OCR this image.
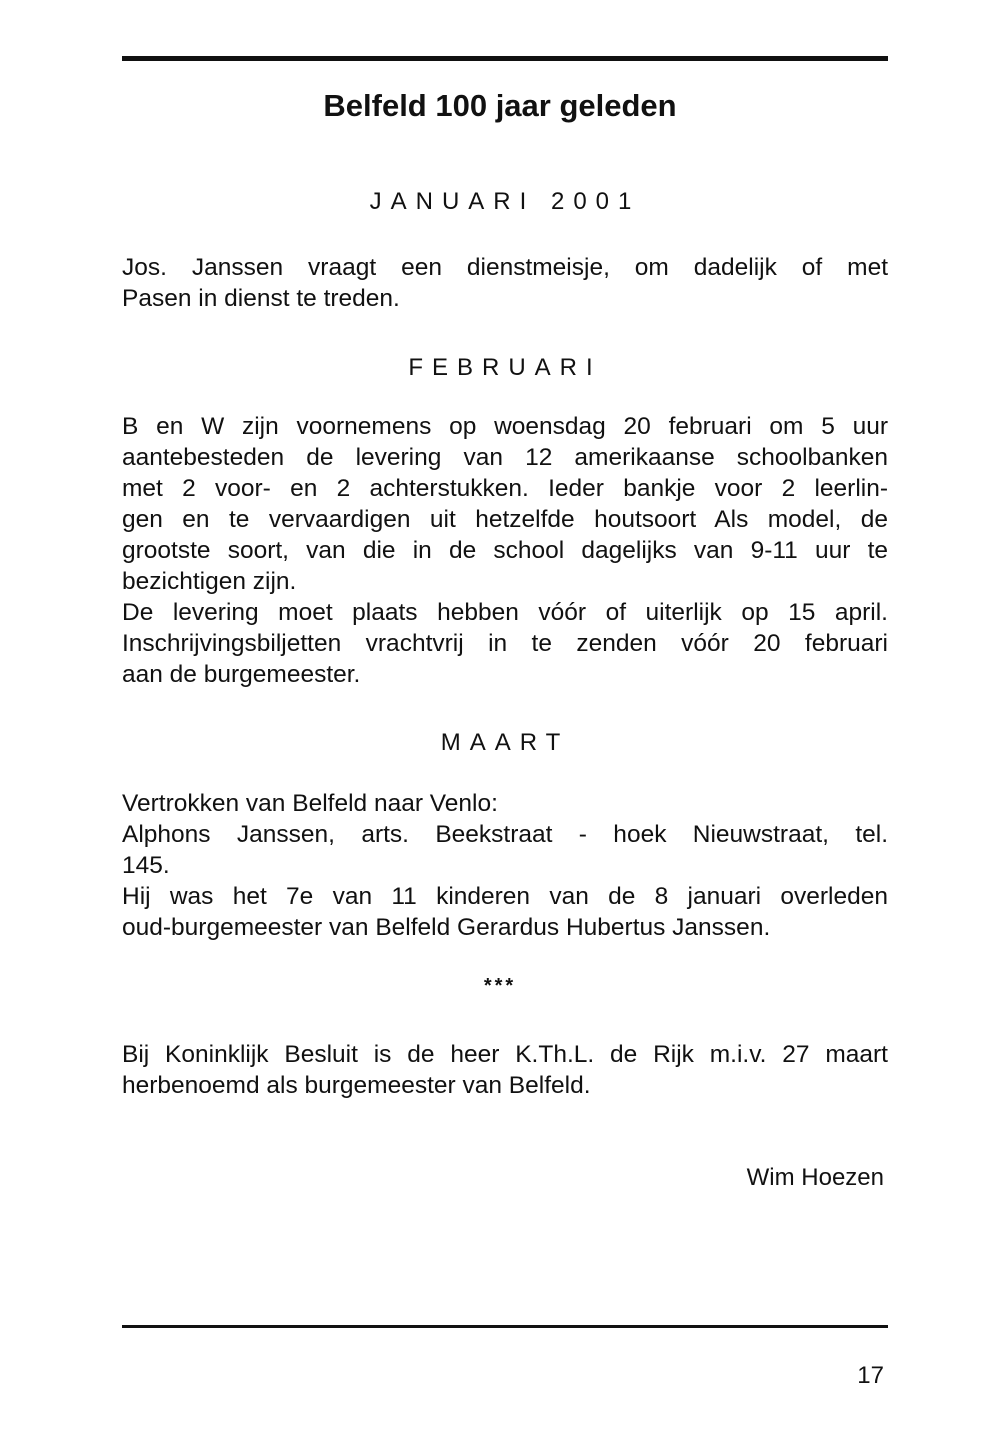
Belfeld 100 jaar geleden
JANUARI 2001
Jos. Janssen vraagt een dienstmeisje, om dadelijk of met
Pasen in dienst te treden.
FEBRUARI
B en W zijn voornemens op woensdag 20 februari om 5 uur
aantebesteden de levering van 12 amerikaanse schoolbanken
met 2 voor- en 2 achterstukken. Ieder bankje voor 2 leerlin-
gen en te vervaardigen uit hetzelfde houtsoort Als model, de
grootste soort, van die in de school dagelijks van 9-11 uur te
bezichtigen zijn.
De levering moet plaats hebben vóór of uiterlijk op 15 april.
Inschrijvingsbiljetten vrachtvrij in te zenden vóór 20 februari
aan de burgemeester.
MAART
Vertrokken van Belfeld naar Venlo:
Alphons Janssen, arts. Beekstraat - hoek Nieuwstraat, tel.
145.
Hij was het 7e van 11 kinderen van de 8 januari overleden
oud-burgemeester van Belfeld Gerardus Hubertus Janssen.
***
Bij Koninklijk Besluit is de heer K.Th.L. de Rijk m.i.v. 27 maart
herbenoemd als burgemeester van Belfeld.
Wim Hoezen
17
